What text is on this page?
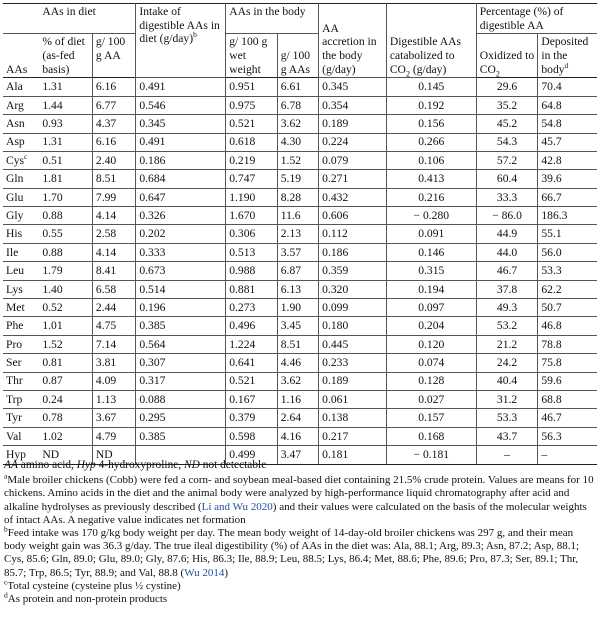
	AAs in diet		Intake of digestible AAs in diet $(g/day)^b$	AAs in the body		AA accretion in the body (g/day)	Digestible AAs catabolized to $CO_2$ (g/day)	Percentage (%) of digestible AA	
AAs	% of diet (as-fed basis)	g/ 100 g AA		g/ 100 g wet weight	g/ 100 g AAs			Oxidized to $CO_2$	Deposited in the body$^d$
Ala	1.31	6.16	0.491	0.951	6.61	0.345	0.145	29.6	70.4
Arg	1.44	6.77	0.546	0.975	6.78	0.354	0.192	35.2	64.8
Asn	0.93	4.37	0.345	0.521	3.62	0.189	0.156	45.2	54.8
Asp	1.31	6.16	0.491	0.618	4.30	0.224	0.266	54.3	45.7
Cys$^c$	0.51	2.40	0.186	0.219	1.52	0.079	0.106	57.2	42.8
Gln	1.81	8.51	0.684	0.747	5.19	0.271	0.413	60.4	39.6
Glu	1.70	7.99	0.647	1.190	8.28	0.432	0.216	33.3	66.7
Gly	0.88	4.14	0.326	1.670	11.6	0.606	− 0.280	− 86.0	186.3
His	0.55	2.58	0.202	0.306	2.13	0.112	0.091	44.9	55.1
Ile	0.88	4.14	0.333	0.513	3.57	0.186	0.146	44.0	56.0
Leu	1.79	8.41	0.673	0.988	6.87	0.359	0.315	46.7	53.3
Lys	1.40	6.58	0.514	0.881	6.13	0.320	0.194	37.8	62.2
Met	0.52	2.44	0.196	0.273	1.90	0.099	0.097	49.3	50.7
Phe	1.01	4.75	0.385	0.496	3.45	0.180	0.204	53.2	46.8
Pro	1.52	7.14	0.564	1.224	8.51	0.445	0.120	21.2	78.8
Ser	0.81	3.81	0.307	0.641	4.46	0.233	0.074	24.2	75.8
Thr	0.87	4.09	0.317	0.521	3.62	0.189	0.128	40.4	59.6
Trp	0.24	1.13	0.088	0.167	1.16	0.061	0.027	31.2	68.8
Tyr	0.78	3.67	0.295	0.379	2.64	0.138	0.157	53.3	46.7
Val	1.02	4.79	0.385	0.598	4.16	0.217	0.168	43.7	56.3
Hyp	ND	ND		0.499	3.47	0.181	− 0.181	–	–

AA amino acid, Hyp 4-hydroxyproline, ND not detectable

$^a$Male broiler chickens (Cobb) were fed a corn- and soybean meal-based diet containing 21.5% crude protein. Values are means for 10 chickens. Amino acids in the diet and the animal body were analyzed by high-performance liquid chromatography after acid and alkaline hydrolyses as previously described (Li and Wu 2020) and their values were calculated on the basis of the molecular weights of intact AAs. A negative value indicates net formation

$^b$Feed intake was 170 g/kg body weight per day. The mean body weight of 14-day-old broiler chickens was 297 g, and their mean body weight gain was 36.3 g/day. The true ileal digestibility (%) of AAs in the diet was: Ala, 88.1; Arg, 89.3; Asn, 87.2; Asp, 88.1; Cys, 85.6; Gln, 89.0; Glu, 89.0; Gly, 87.6; His, 86.3; Ile, 88.9; Leu, 88.5; Lys, 86.4; Met, 88.6; Phe, 89.6; Pro, 87.3; Ser, 89.1; Thr, 85.7; Trp, 86.5; Tyr, 88.9; and Val, 88.8 (Wu 2014)

$^c$Total cysteine (cysteine plus ½ cystine)

$^d$As protein and non-protein products
